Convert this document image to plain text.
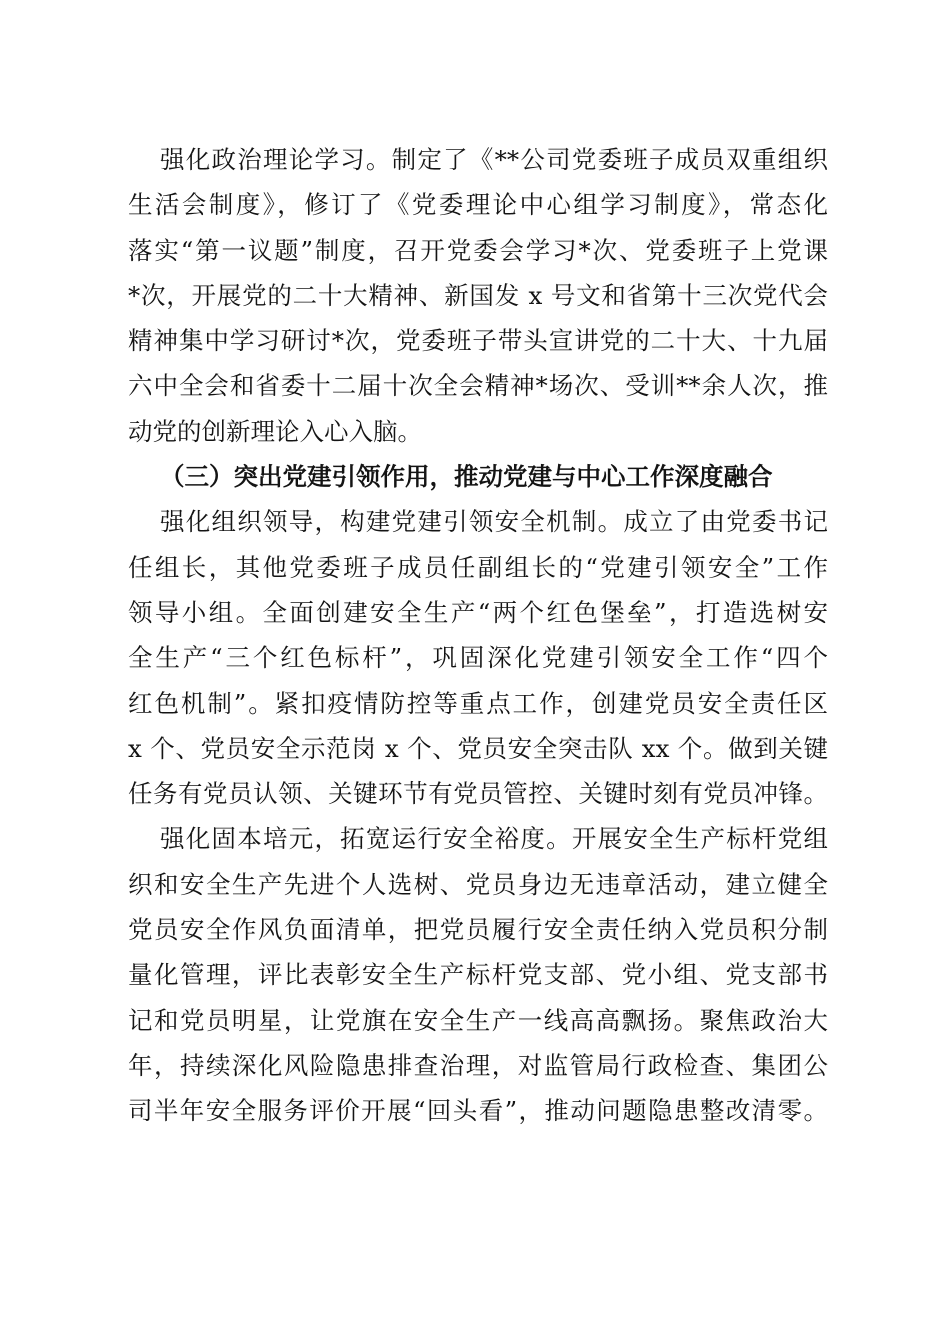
强化政治理论学习。制定了《**公司党委班子成员双重组织
生活会制度》，修订了《党委理论中心组学习制度》，常态化
落实“第一议题”制度，召开党委会学习*次、党委班子上党课
*次，开展党的二十大精神、新国发 x 号文和省第十三次党代会
精神集中学习研讨*次，党委班子带头宣讲党的二十大、十九届
六中全会和省委十二届十次全会精神*场次、受训**余人次，推
动党的创新理论入心入脑。
（三）突出党建引领作用，推动党建与中心工作深度融合
强化组织领导，构建党建引领安全机制。成立了由党委书记
任组长，其他党委班子成员任副组长的“党建引领安全”工作
领导小组。全面创建安全生产“两个红色堡垒”，打造选树安
全生产“三个红色标杆”，巩固深化党建引领安全工作“四个
红色机制”。紧扣疫情防控等重点工作，创建党员安全责任区
x 个、党员安全示范岗 x 个、党员安全突击队 xx 个。做到关键
任务有党员认领、关键环节有党员管控、关键时刻有党员冲锋。
强化固本培元，拓宽运行安全裕度。开展安全生产标杆党组
织和安全生产先进个人选树、党员身边无违章活动，建立健全
党员安全作风负面清单，把党员履行安全责任纳入党员积分制
量化管理，评比表彰安全生产标杆党支部、党小组、党支部书
记和党员明星，让党旗在安全生产一线高高飘扬。聚焦政治大
年，持续深化风险隐患排查治理，对监管局行政检查、集团公
司半年安全服务评价开展“回头看”，推动问题隐患整改清零。
